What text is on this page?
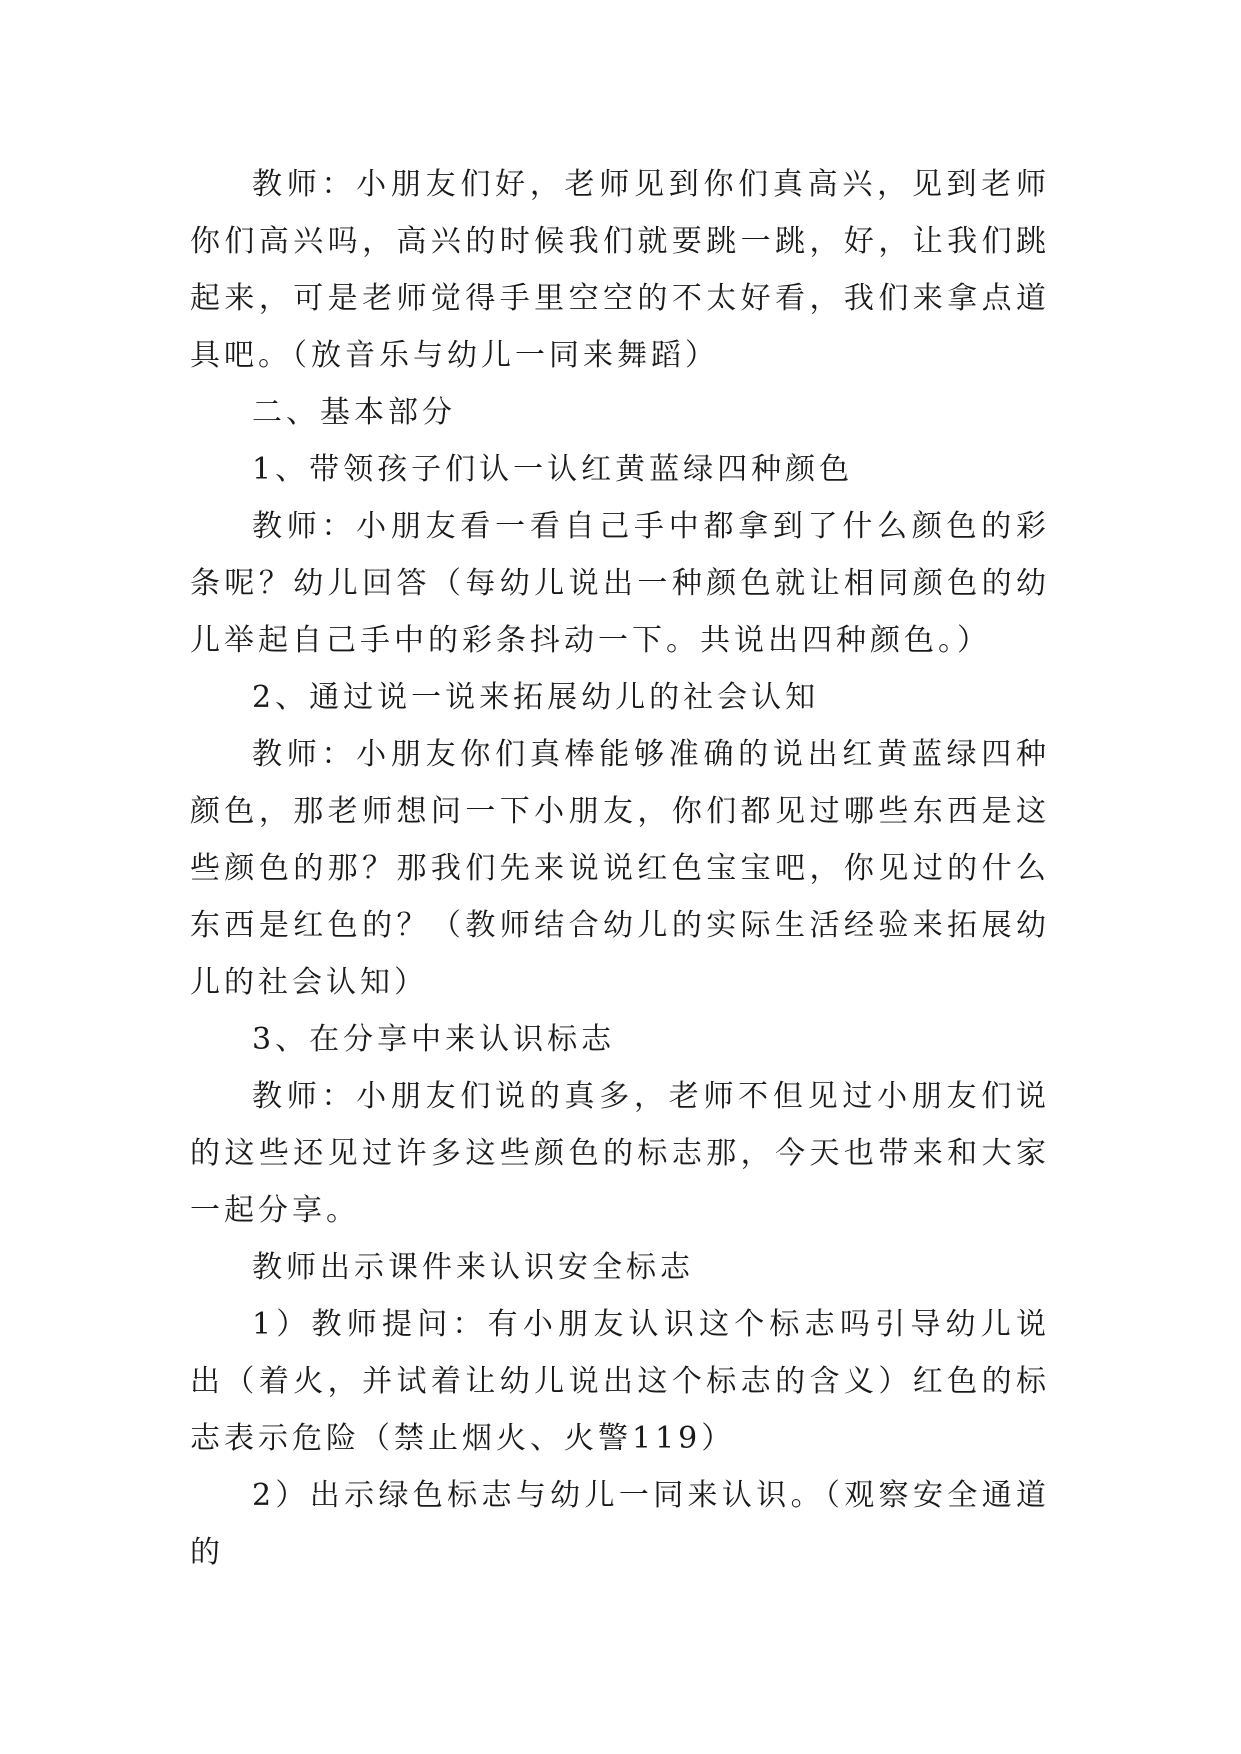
教师：小朋友们好，老师见到你们真高兴，见到老师你们高兴吗，高兴的时候我们就要跳一跳，好，让我们跳起来，可是老师觉得手里空空的不太好看，我们来拿点道具吧。（放音乐与幼儿一同来舞蹈）

二、基本部分

1、带领孩子们认一认红黄蓝绿四种颜色

教师：小朋友看一看自己手中都拿到了什么颜色的彩条呢？幼儿回答（每幼儿说出一种颜色就让相同颜色的幼儿举起自己手中的彩条抖动一下。共说出四种颜色。）

2、通过说一说来拓展幼儿的社会认知

教师：小朋友你们真棒能够准确的说出红黄蓝绿四种颜色，那老师想问一下小朋友，你们都见过哪些东西是这些颜色的那？那我们先来说说红色宝宝吧，你见过的什么东西是红色的？（教师结合幼儿的实际生活经验来拓展幼儿的社会认知）

3、在分享中来认识标志

教师：小朋友们说的真多，老师不但见过小朋友们说的这些还见过许多这些颜色的标志那，今天也带来和大家一起分享。

教师出示课件来认识安全标志

1）教师提问：有小朋友认识这个标志吗引导幼儿说出（着火，并试着让幼儿说出这个标志的含义）红色的标志表示危险（禁止烟火、火警119）

2）出示绿色标志与幼儿一同来认识。（观察安全通道的
